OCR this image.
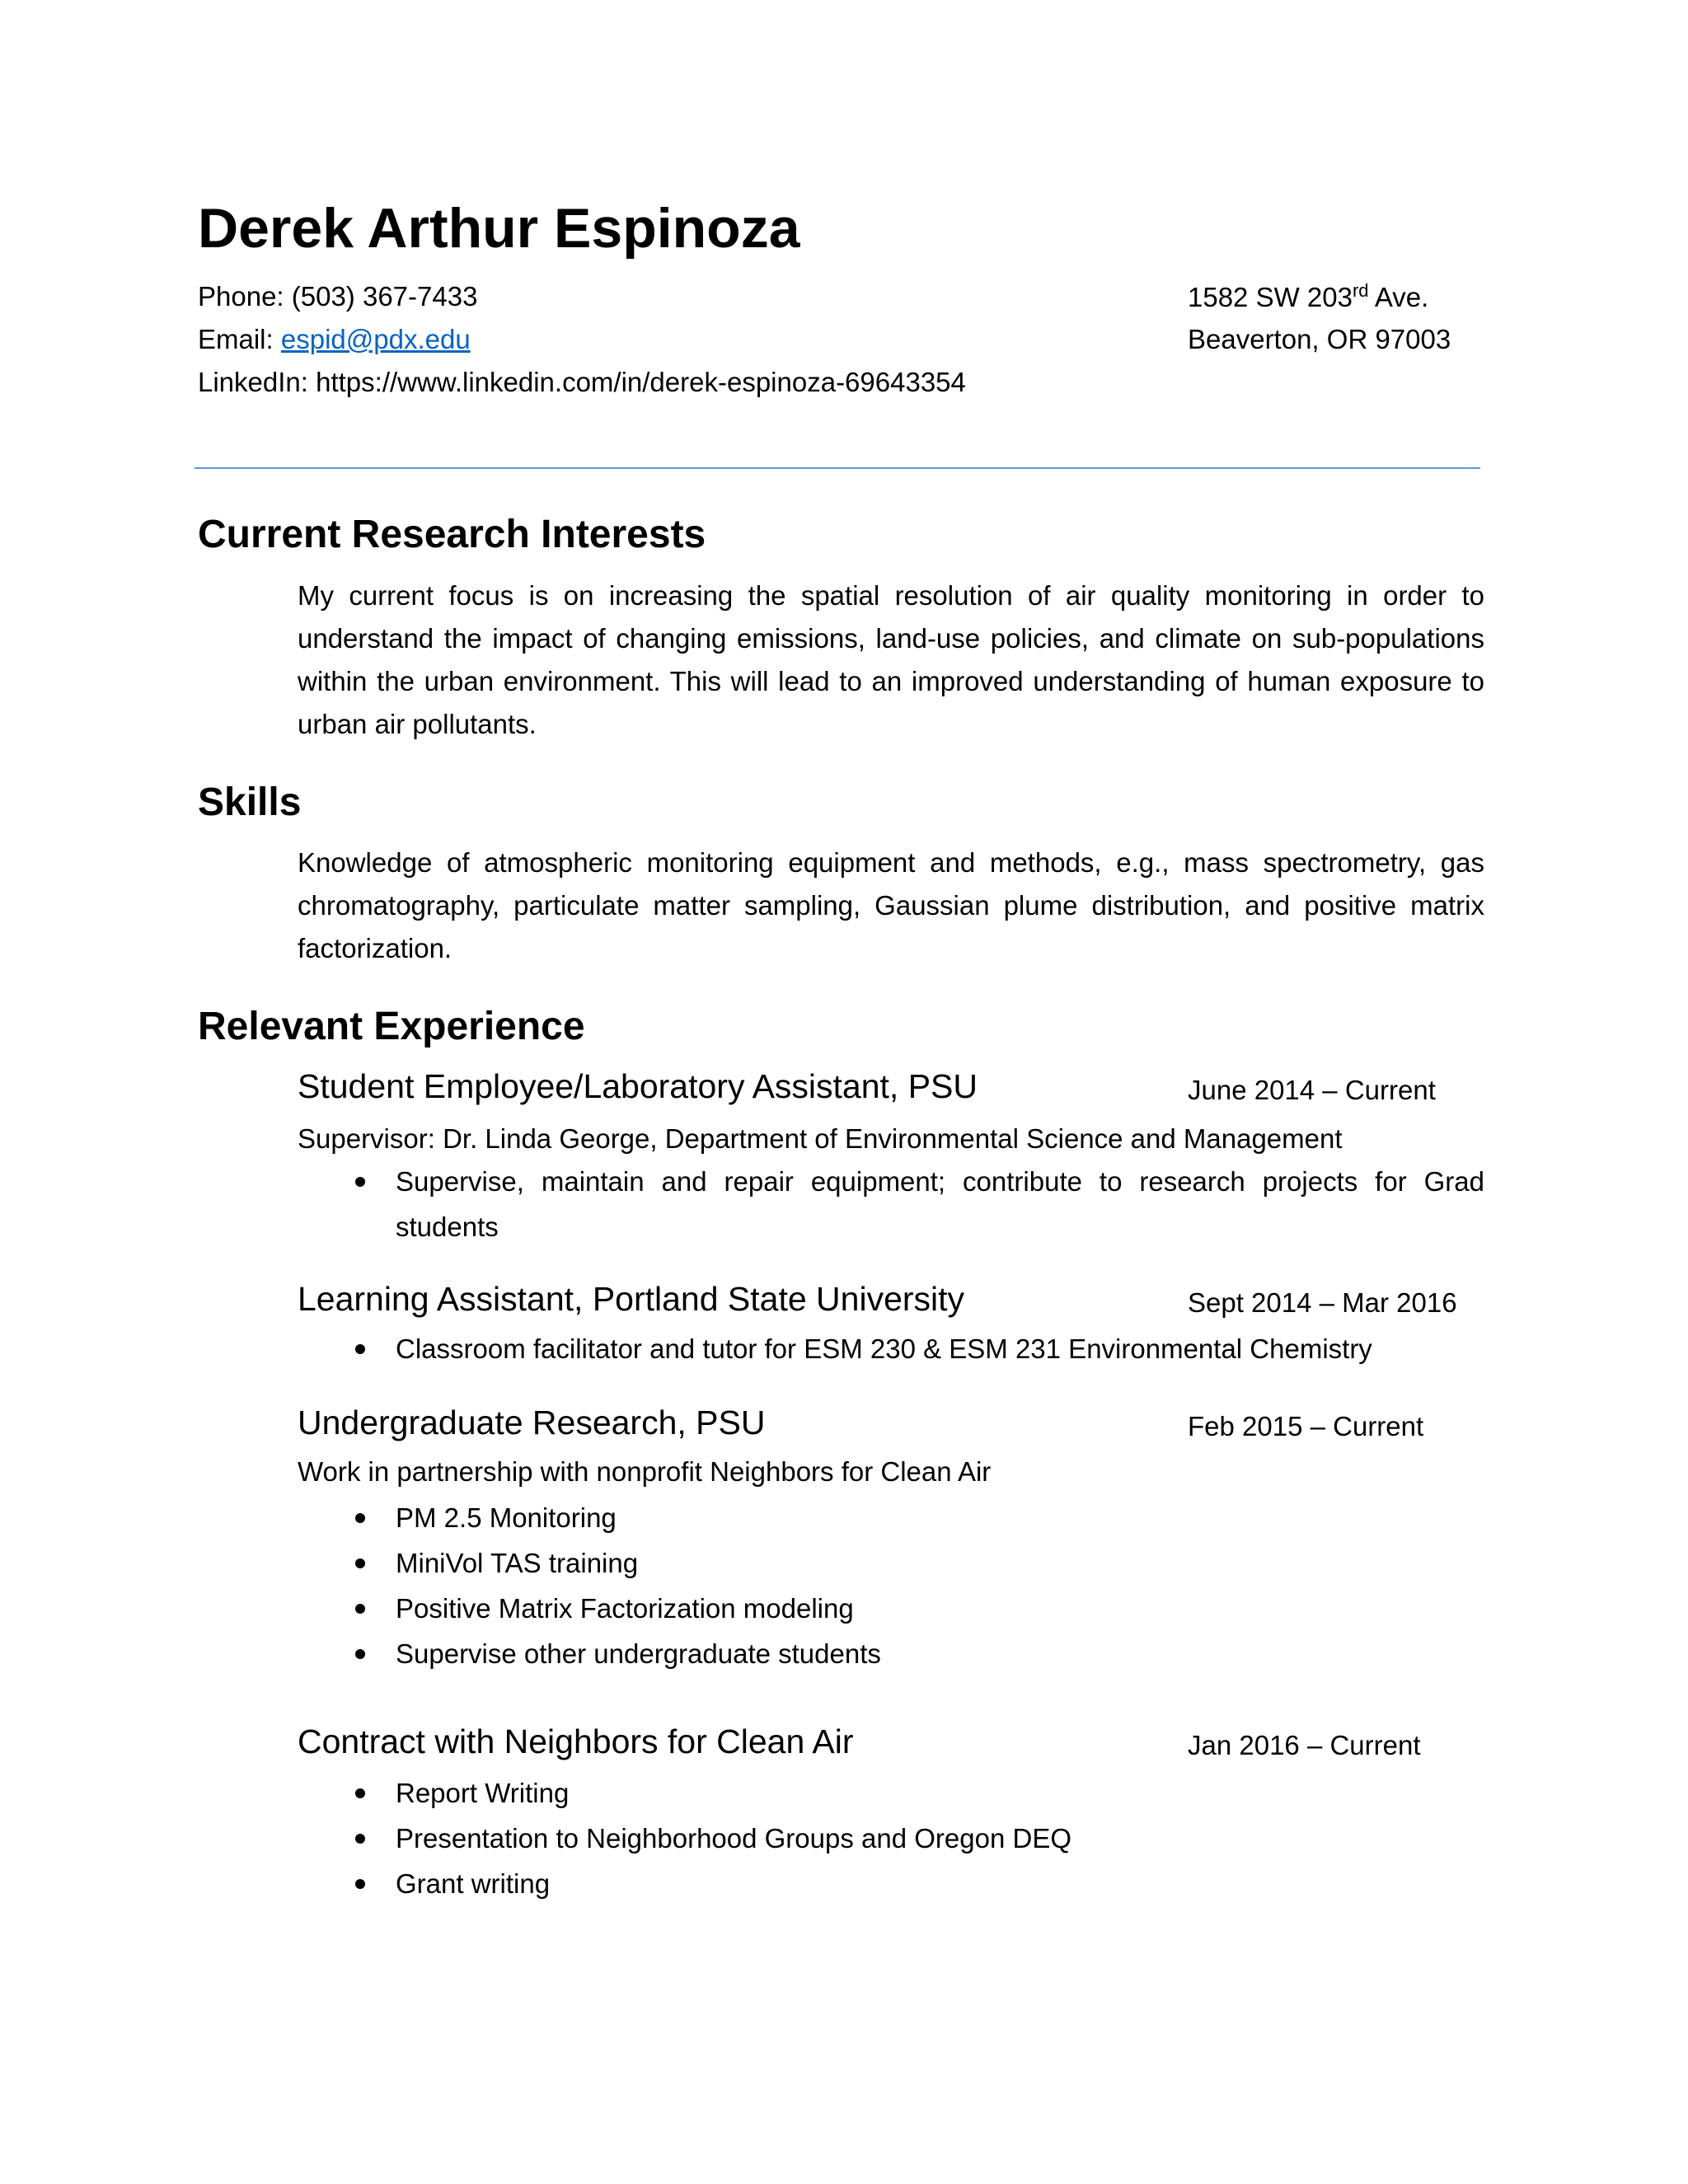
Derek Arthur Espinoza
Phone: (503) 367-7433
Email: espid@pdx.edu
LinkedIn: https://www.linkedin.com/in/derek-espinoza-69643354
1582 SW 203rd Ave.
Beaverton, OR 97003
Current Research Interests
My current focus is on increasing the spatial resolution of air quality monitoring in order to understand the impact of changing emissions, land-use policies, and climate on sub-populations within the urban environment. This will lead to an improved understanding of human exposure to urban air pollutants.
Skills
Knowledge of atmospheric monitoring equipment and methods, e.g., mass spectrometry, gas chromatography, particulate matter sampling, Gaussian plume distribution, and positive matrix factorization.
Relevant Experience
Student Employee/Laboratory Assistant, PSU	June 2014 – Current
Supervisor: Dr. Linda George, Department of Environmental Science and Management
Supervise, maintain and repair equipment; contribute to research projects for Grad students
Learning Assistant, Portland State University	Sept 2014 – Mar 2016
Classroom facilitator and tutor for ESM 230 & ESM 231 Environmental Chemistry
Undergraduate Research, PSU	Feb 2015 – Current
Work in partnership with nonprofit Neighbors for Clean Air
PM 2.5 Monitoring
MiniVol TAS training
Positive Matrix Factorization modeling
Supervise other undergraduate students
Contract with Neighbors for Clean Air	Jan 2016 – Current
Report Writing
Presentation to Neighborhood Groups and Oregon DEQ
Grant writing
